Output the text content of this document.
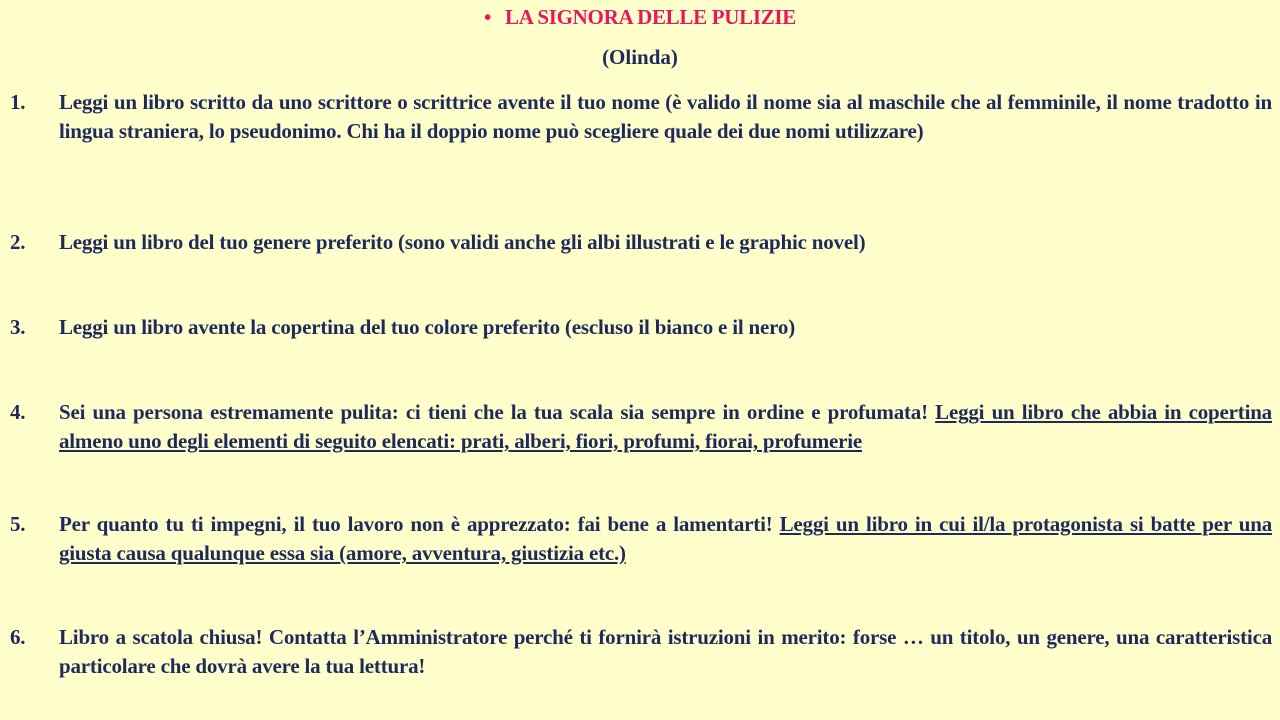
• LA SIGNORA DELLE PULIZIE
(Olinda)
1.	Leggi un libro scritto da uno scrittore o scrittrice avente il tuo nome (è valido il nome sia al maschile che al femminile, il nome tradotto in lingua straniera, lo pseudonimo. Chi ha il doppio nome può scegliere quale dei due nomi utilizzare)
2.	Leggi un libro del tuo genere preferito (sono validi anche gli albi illustrati e le graphic novel)
3.	Leggi un libro avente la copertina del tuo colore preferito (escluso il bianco e il nero)
4.	Sei una persona estremamente pulita: ci tieni che la tua scala sia sempre in ordine e profumata! Leggi un libro che abbia in copertina almeno uno degli elementi di seguito elencati: prati, alberi, fiori, profumi, fiorai, profumerie
5.	Per quanto tu ti impegni, il tuo lavoro non è apprezzato: fai bene a lamentarti! Leggi un libro in cui il/la protagonista si batte per una giusta causa qualunque essa sia (amore, avventura, giustizia etc.)
6.	Libro a scatola chiusa! Contatta l’Amministratore perché ti fornirà istruzioni in merito: forse … un titolo, un genere, una caratteristica particolare che dovrà avere la tua lettura!
